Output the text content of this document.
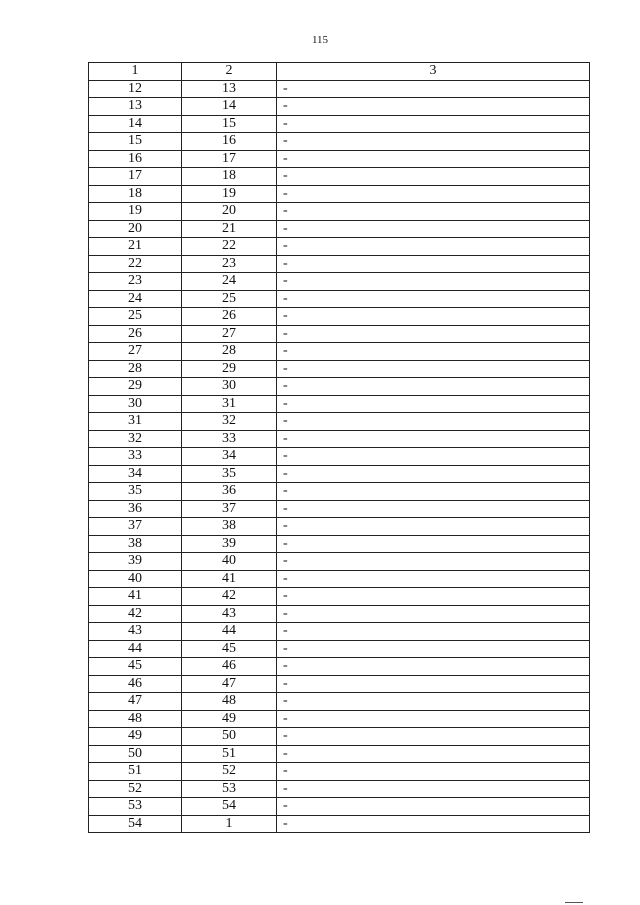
115
1	2	3
12	13	-
13	14	-
14	15	-
15	16	-
16	17	-
17	18	-
18	19	-
19	20	-
20	21	-
21	22	-
22	23	-
23	24	-
24	25	-
25	26	-
26	27	-
27	28	-
28	29	-
29	30	-
30	31	-
31	32	-
32	33	-
33	34	-
34	35	-
35	36	-
36	37	-
37	38	-
38	39	-
39	40	-
40	41	-
41	42	-
42	43	-
43	44	-
44	45	-
45	46	-
46	47	-
47	48	-
48	49	-
49	50	-
50	51	-
51	52	-
52	53	-
53	54	-
54	1	-
